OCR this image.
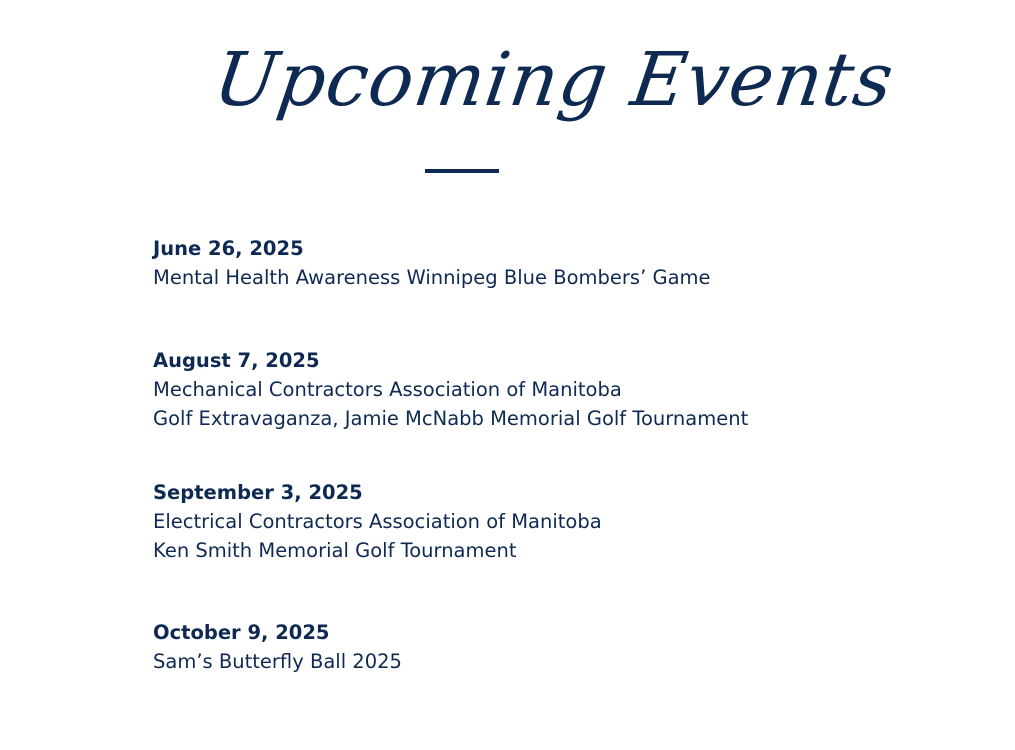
Upcoming Events
June 26, 2025
Mental Health Awareness Winnipeg Blue Bombers’ Game
August 7, 2025
Mechanical Contractors Association of Manitoba
Golf Extravaganza, Jamie McNabb Memorial Golf Tournament
September 3, 2025
Electrical Contractors Association of Manitoba
Ken Smith Memorial Golf Tournament
October 9, 2025
Sam’s Butterfly Ball 2025
